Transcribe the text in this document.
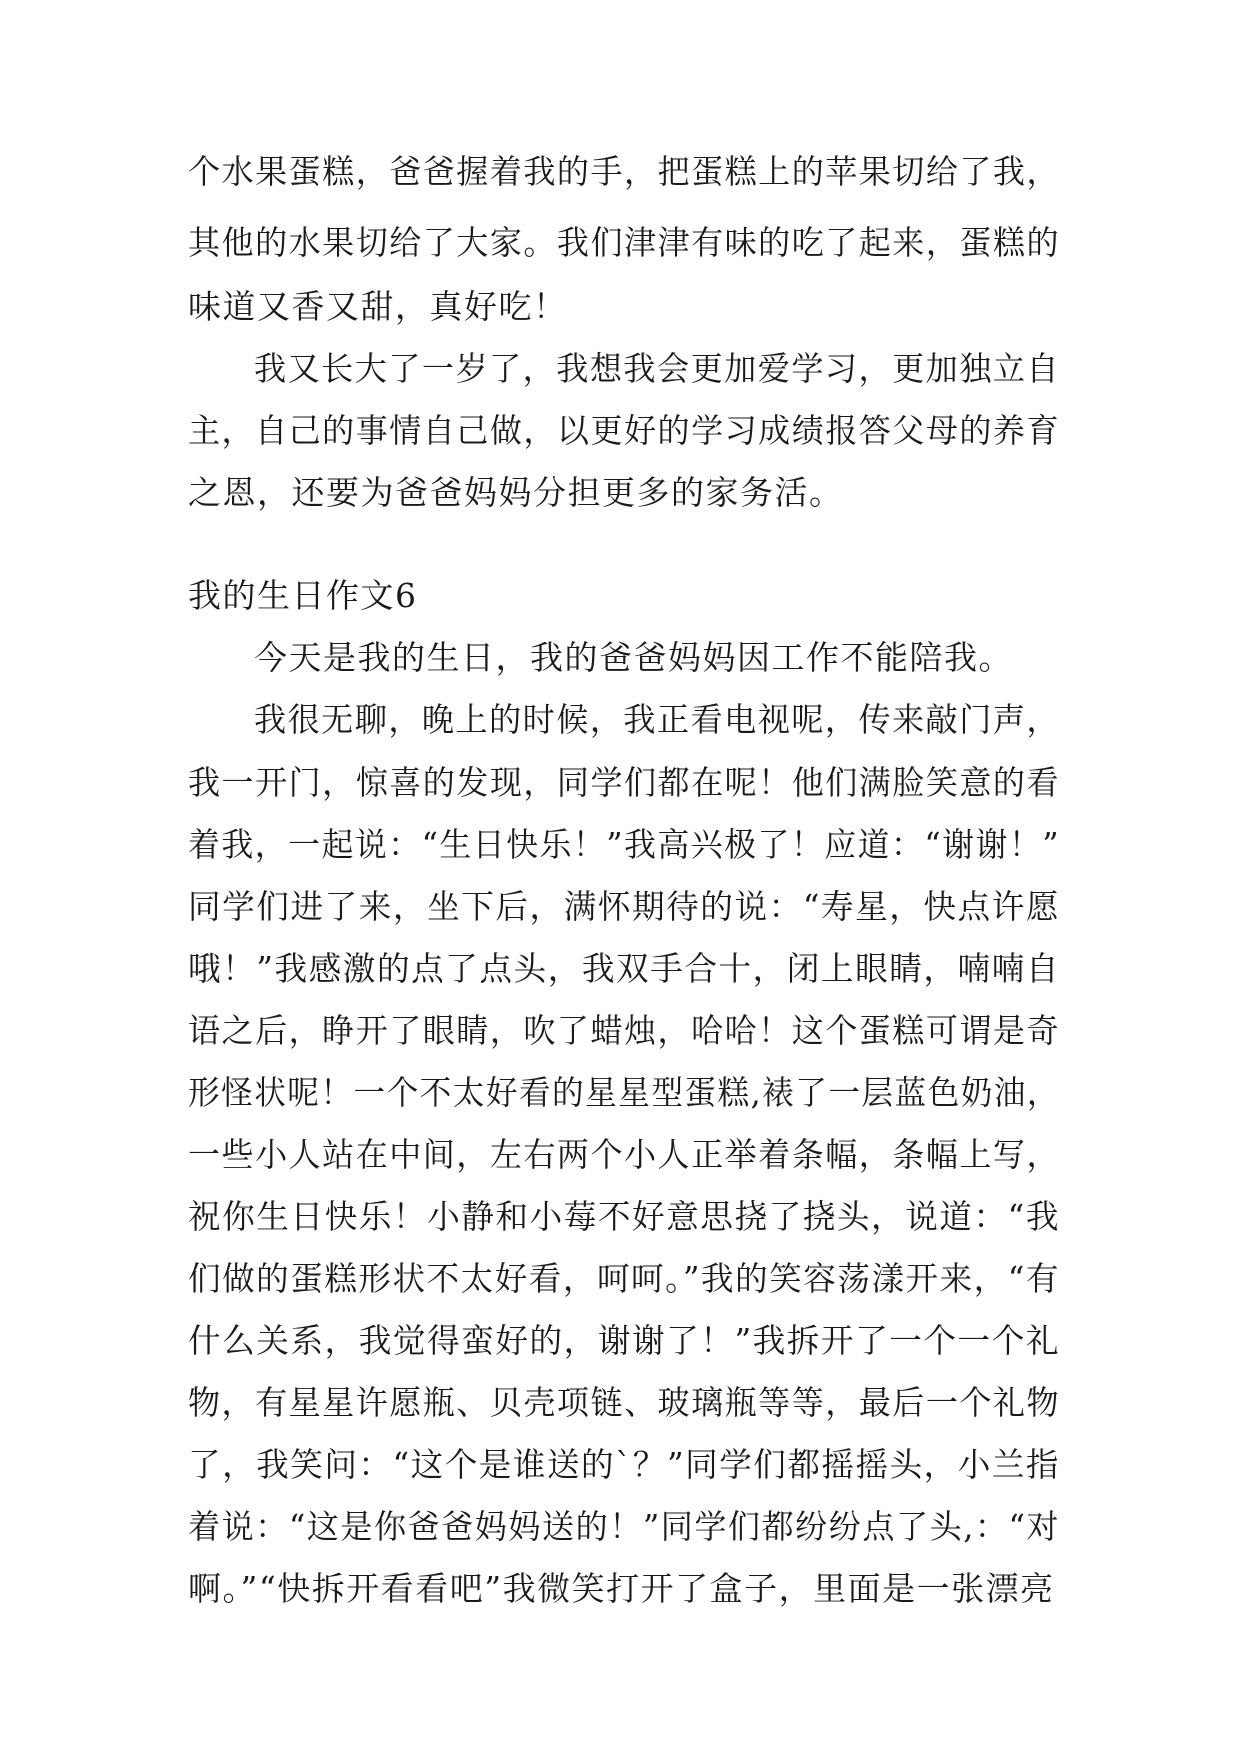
个水果蛋糕，爸爸握着我的手，把蛋糕上的苹果切给了我，
其他的水果切给了大家。我们津津有味的吃了起来，蛋糕的
味道又香又甜，真好吃！
我又长大了一岁了，我想我会更加爱学习，更加独立自
主，自己的事情自己做，以更好的学习成绩报答父母的养育
之恩，还要为爸爸妈妈分担更多的家务活。
我的生日作文6
今天是我的生日，我的爸爸妈妈因工作不能陪我。
我很无聊，晚上的时候，我正看电视呢，传来敲门声，
我一开门，惊喜的发现，同学们都在呢！他们满脸笑意的看
着我，一起说：“生日快乐！”我高兴极了！应道：“谢谢！”
同学们进了来，坐下后，满怀期待的说：“寿星，快点许愿
哦！”我感激的点了点头，我双手合十，闭上眼睛，喃喃自
语之后，睁开了眼睛，吹了蜡烛，哈哈！这个蛋糕可谓是奇
形怪状呢！一个不太好看的星星型蛋糕,裱了一层蓝色奶油，
一些小人站在中间，左右两个小人正举着条幅，条幅上写，
祝你生日快乐！小静和小莓不好意思挠了挠头，说道：“我
们做的蛋糕形状不太好看，呵呵。”我的笑容荡漾开来，“有
什么关系，我觉得蛮好的，谢谢了！”我拆开了一个一个礼
物，有星星许愿瓶、贝壳项链、玻璃瓶等等，最后一个礼物
了，我笑问：“这个是谁送的`？”同学们都摇摇头，小兰指
着说：“这是你爸爸妈妈送的！”同学们都纷纷点了头,：“对
啊。”“快拆开看看吧”我微笑打开了盒子，里面是一张漂亮
